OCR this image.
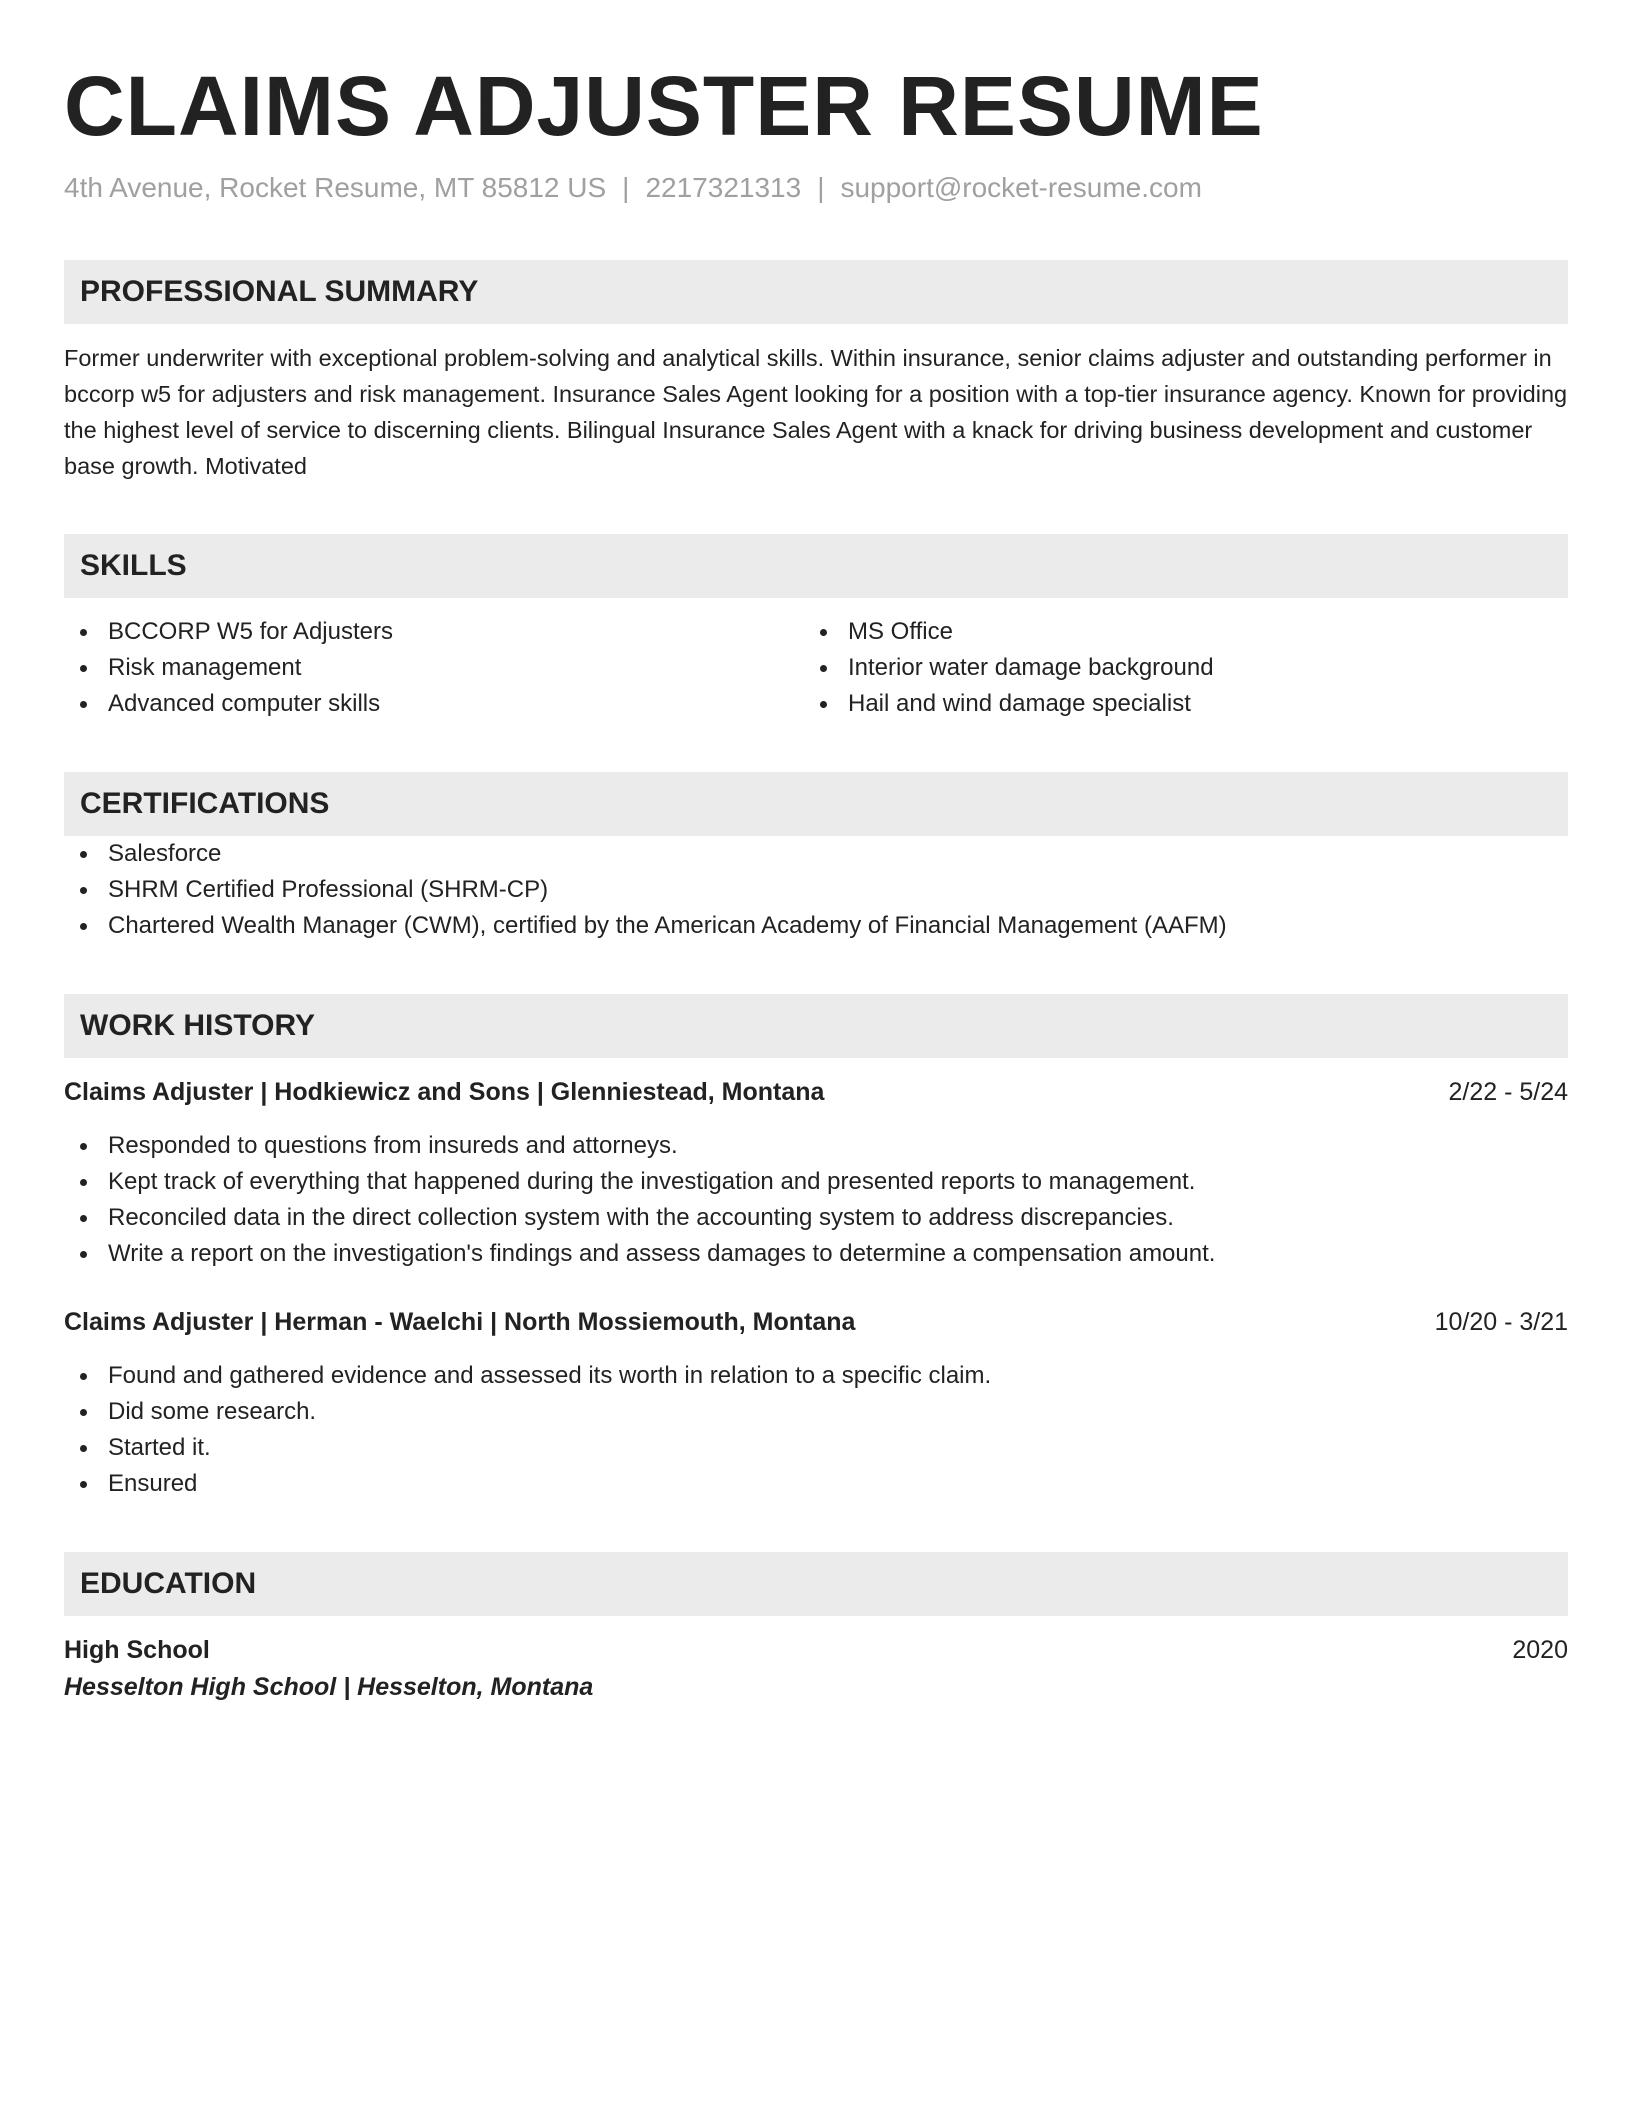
CLAIMS ADJUSTER RESUME
4th Avenue, Rocket Resume, MT 85812 US | 2217321313 | support@rocket-resume.com
PROFESSIONAL SUMMARY
Former underwriter with exceptional problem-solving and analytical skills. Within insurance, senior claims adjuster and outstanding performer in bccorp w5 for adjusters and risk management. Insurance Sales Agent looking for a position with a top-tier insurance agency. Known for providing the highest level of service to discerning clients. Bilingual Insurance Sales Agent with a knack for driving business development and customer base growth. Motivated
SKILLS
BCCORP W5 for Adjusters
Risk management
Advanced computer skills
MS Office
Interior water damage background
Hail and wind damage specialist
CERTIFICATIONS
Salesforce
SHRM Certified Professional (SHRM-CP)
Chartered Wealth Manager (CWM), certified by the American Academy of Financial Management (AAFM)
WORK HISTORY
Claims Adjuster | Hodkiewicz and Sons | Glenniestead, Montana	2/22 - 5/24
Responded to questions from insureds and attorneys.
Kept track of everything that happened during the investigation and presented reports to management.
Reconciled data in the direct collection system with the accounting system to address discrepancies.
Write a report on the investigation's findings and assess damages to determine a compensation amount.
Claims Adjuster | Herman - Waelchi | North Mossiemouth, Montana	10/20 - 3/21
Found and gathered evidence and assessed its worth in relation to a specific claim.
Did some research.
Started it.
Ensured
EDUCATION
High School	2020
Hesselton High School | Hesselton, Montana
